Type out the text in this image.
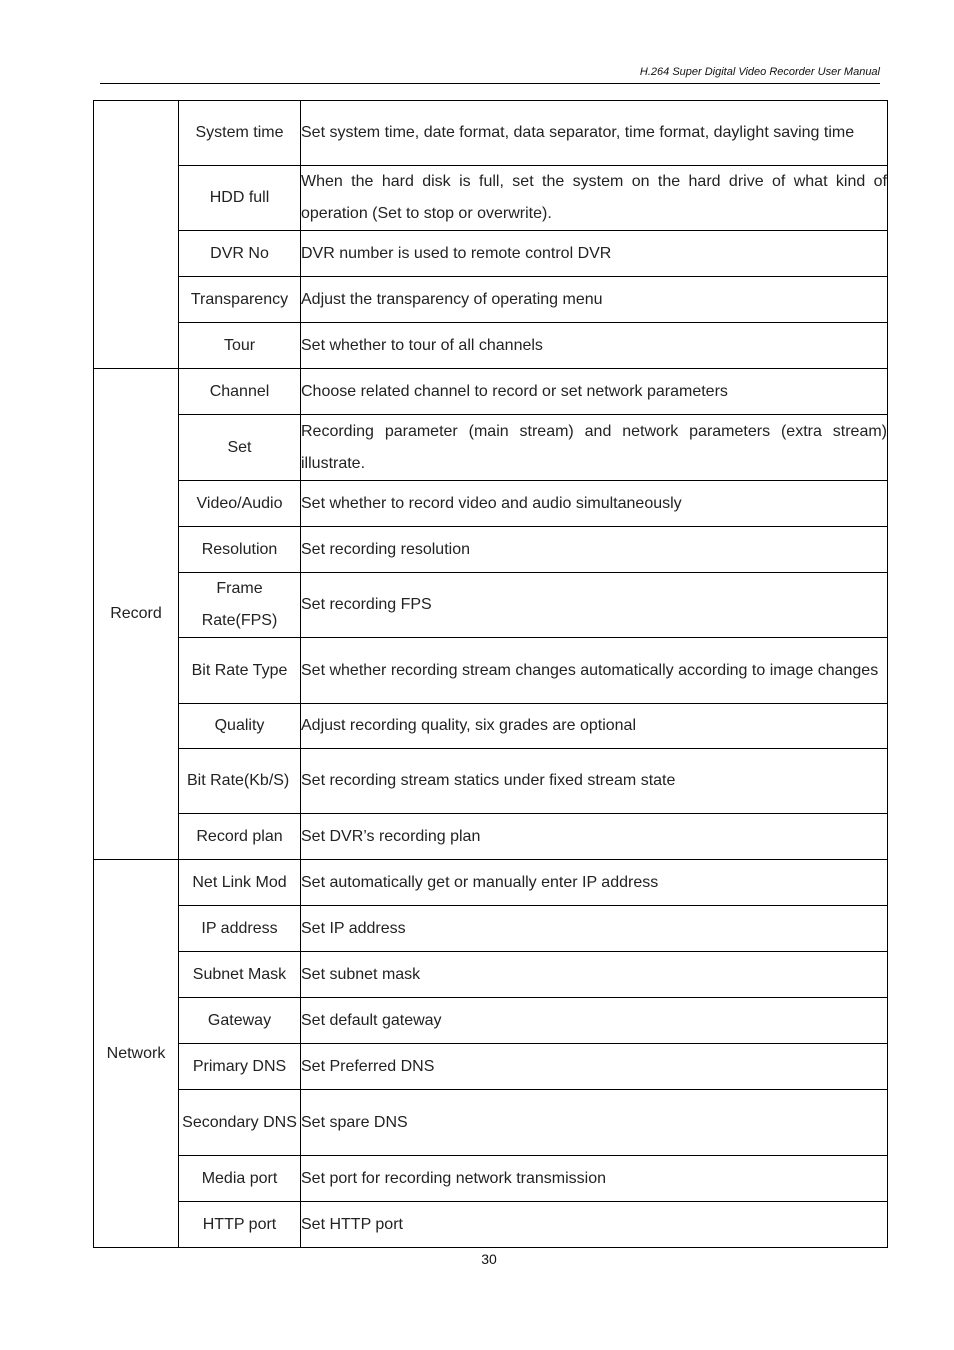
H.264 Super Digital Video Recorder User Manual
	System time	Set system time, date format, data separator, time format, daylight saving time
	HDD full	When the hard disk is full, set the system on the hard drive of what kind of operation (Set to stop or overwrite).
	DVR No	DVR number is used to remote control DVR
	Transparency	Adjust the transparency of operating menu
	Tour	Set whether to tour of all channels
Record	Channel	Choose related channel to record or set network parameters
	Set	Recording parameter (main stream) and network parameters (extra stream) illustrate.
	Video/Audio	Set whether to record video and audio simultaneously
	Resolution	Set recording resolution
	Frame Rate(FPS)	Set recording FPS
	Bit Rate Type	Set whether recording stream changes automatically according to image changes
	Quality	Adjust recording quality, six grades are optional
	Bit Rate(Kb/S)	Set recording stream statics under fixed stream state
	Record plan	Set DVR’s recording plan
Network	Net Link Mod	Set automatically get or manually enter IP address
	IP address	Set IP address
	Subnet Mask	Set subnet mask
	Gateway	Set default gateway
	Primary DNS	Set Preferred DNS
	Secondary DNS	Set spare DNS
	Media port	Set port for recording network transmission
	HTTP port	Set HTTP port
30
